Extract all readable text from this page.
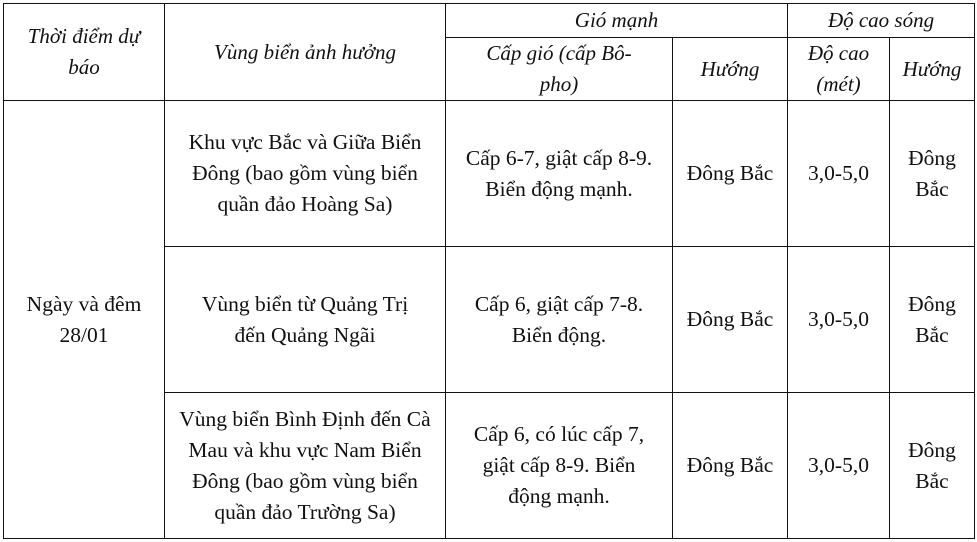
Thời điểm dự báo	Vùng biển ảnh hưởng	Gió mạnh		Độ cao sóng	
		Cấp gió (cấp Bô-pho)	Hướng	Độ cao (mét)	Hướng
Ngày và đêm 28/01	Khu vực Bắc và Giữa Biển Đông (bao gồm vùng biển quần đảo Hoàng Sa)	Cấp 6-7, giật cấp 8-9. Biển động mạnh.	Đông Bắc	3,0-5,0	Đông Bắc
	Vùng biển từ Quảng Trị đến Quảng Ngãi	Cấp 6, giật cấp 7-8. Biển động.	Đông Bắc	3,0-5,0	Đông Bắc
	Vùng biển Bình Định đến Cà Mau và khu vực Nam Biển Đông (bao gồm vùng biển quần đảo Trường Sa)	Cấp 6, có lúc cấp 7, giật cấp 8-9. Biển động mạnh.	Đông Bắc	3,0-5,0	Đông Bắc
